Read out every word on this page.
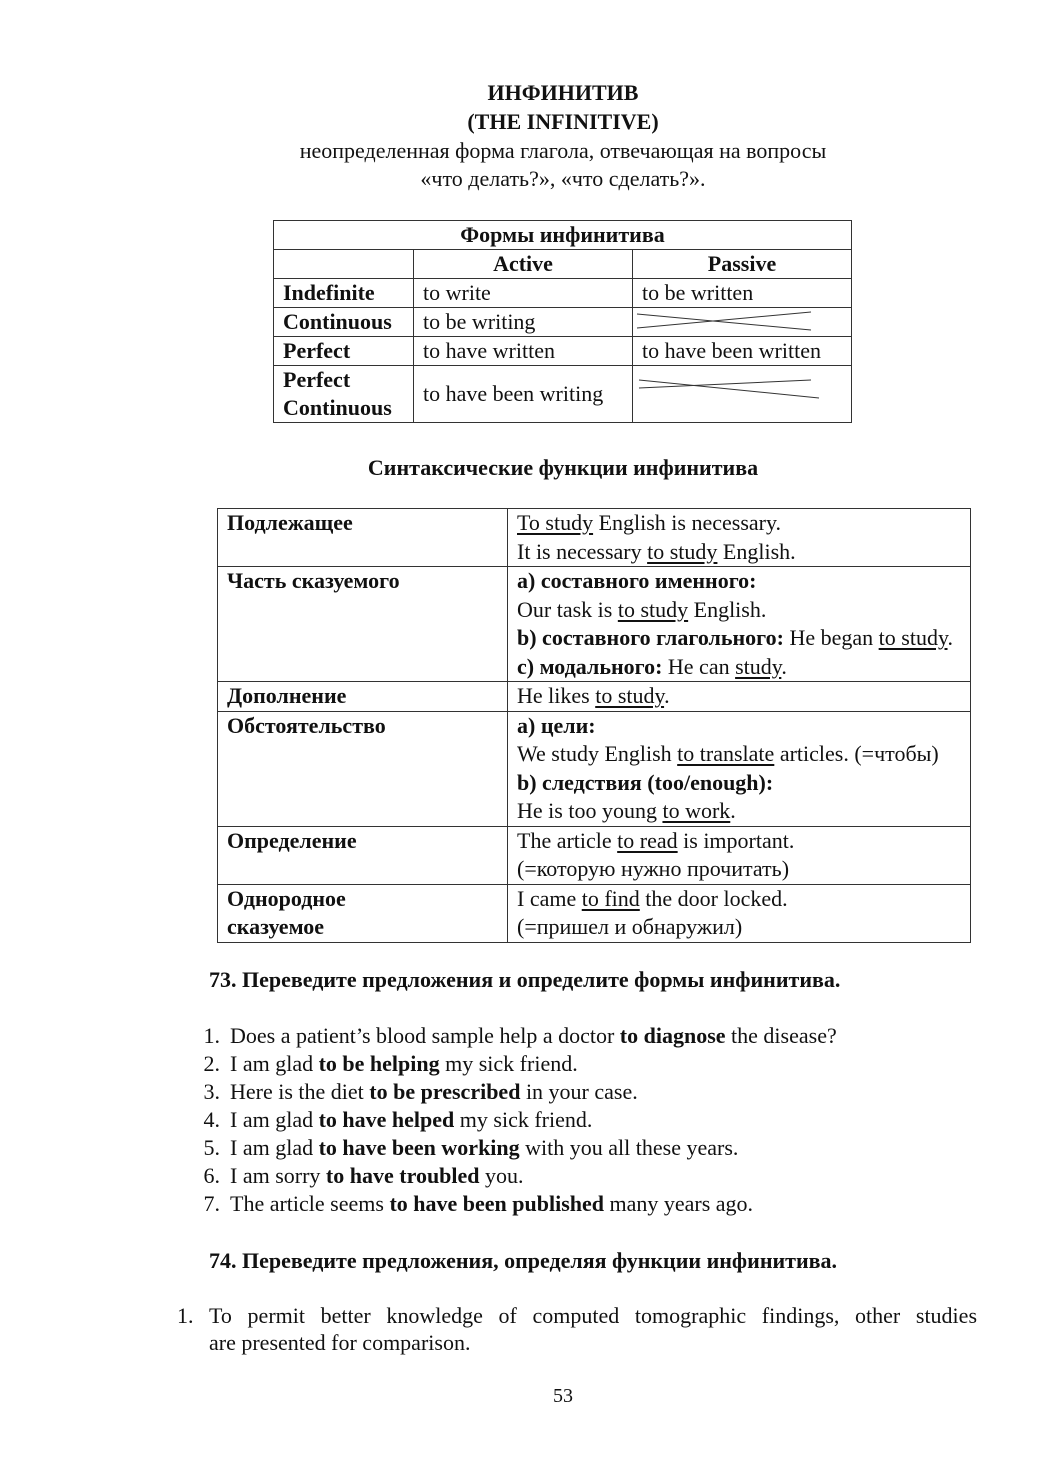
ИНФИНИТИВ
(THE INFINITIVE)
неопределенная форма глагола, отвечающая на вопросы
«что делать?», «что сделать?».
Формы инфинитива		
	Active	Passive
Indefinite	to write	to be written
Continuous	to be writing	

Perfect	to have written	to have been written

Perfect
Continuous	to have been writing	
Синтаксические функции инфинитива
Подлежащее	To study English is necessary.
It is necessary to study English.

Часть сказуемого	a) составного именного:
Our task is to study English.
b) составного глагольного: He began to study.
c) модального: He can study.

Дополнение	He likes to study.

Обстоятельство	a) цели:
We study English to translate articles. (=чтобы)
b) следствия (too/enough):
He is too young to work.

Определение	The article to read is important.
(=которую нужно прочитать)

Однородное сказуемое	I came to find the door locked.
(=пришел и обнаружил)
73. Переведите предложения и определите формы инфинитива.
1. Does a patient’s blood sample help a doctor to diagnose the disease?
2. I am glad to be helping my sick friend.
3. Here is the diet to be prescribed in your case.
4. I am glad to have helped my sick friend.
5. I am glad to have been working with you all these years.
6. I am sorry to have troubled you.
7. The article seems to have been published many years ago.
74. Переведите предложения, определяя функции инфинитива.
1. To permit better knowledge of computed tomographic findings, other studies
are presented for comparison.
53
